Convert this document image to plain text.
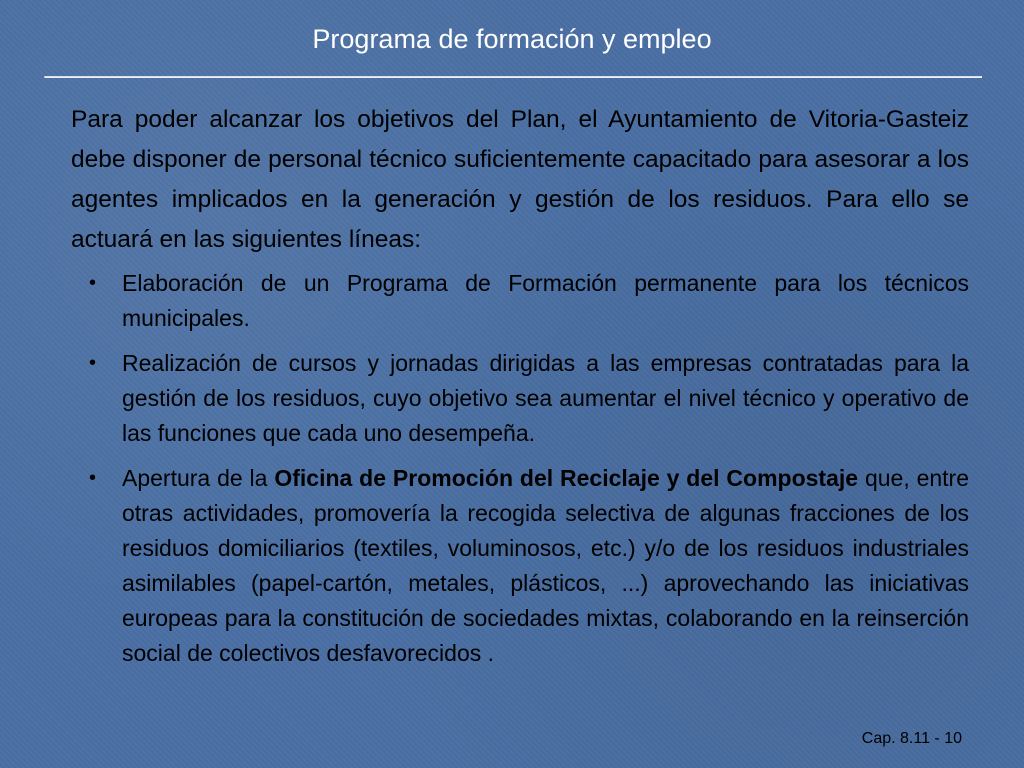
Programa de formación y empleo

Para poder alcanzar los objetivos del Plan, el Ayuntamiento de Vitoria-Gasteiz debe disponer de personal técnico suficientemente capacitado para asesorar a los agentes implicados en la generación y gestión de los residuos. Para ello se actuará en las siguientes líneas:

• Elaboración de un Programa de Formación permanente para los técnicos municipales.
• Realización de cursos y jornadas dirigidas a las empresas contratadas para la gestión de los residuos, cuyo objetivo sea aumentar el nivel técnico y operativo de las funciones que cada uno desempeña.
• Apertura de la Oficina de Promoción del Reciclaje y del Compostaje que, entre otras actividades, promovería la recogida selectiva de algunas fracciones de los residuos domiciliarios (textiles, voluminosos, etc.) y/o de los residuos industriales asimilables (papel-cartón, metales, plásticos, ...) aprovechando las iniciativas europeas para la constitución de sociedades mixtas, colaborando en la reinserción social de colectivos desfavorecidos .
Cap. 8.11 - 10
